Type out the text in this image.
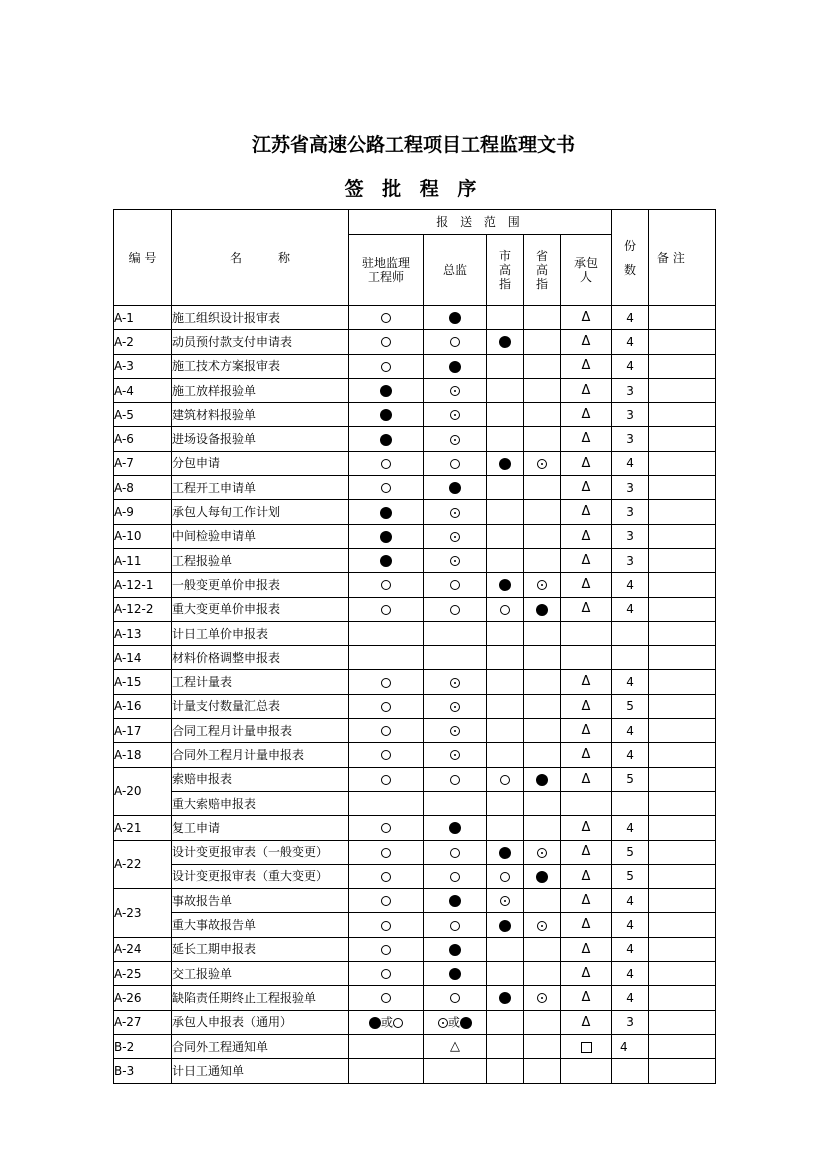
江苏省高速公路工程项目工程监理文书
签 批 程 序
编 号	名　　　称	报 送 范 围					份数	备 注

		驻地监理工程师	总监	市高指	省高指	承包人		

A-1	施工组织设计报审表					Δ	4	
A-2	动员预付款支付申请表					Δ	4	
A-3	施工技术方案报审表					Δ	4	
A-4	施工放样报验单					Δ	3	
A-5	建筑材料报验单					Δ	3	
A-6	进场设备报验单					Δ	3	
A-7	分包申请					Δ	4	
A-8	工程开工申请单					Δ	3	
A-9	承包人每旬工作计划					Δ	3	
A-10	中间检验申请单					Δ	3	
A-11	工程报验单					Δ	3	
A-12-1	一般变更单价申报表					Δ	4	
A-12-2	重大变更单价申报表					Δ	4	
A-13	计日工单价申报表							
A-14	材料价格调整申报表							
A-15	工程计量表					Δ	4	
A-16	计量支付数量汇总表					Δ	5	
A-17	合同工程月计量申报表					Δ	4	
A-18	合同外工程月计量申报表					Δ	4	
A-20	索赔申报表					Δ	5	
	重大索赔申报表							
A-21	复工申请					Δ	4	
A-22	设计变更报审表（一般变更）					Δ	5	
	设计变更报审表（重大变更）					Δ	5	
A-23	事故报告单					Δ	4	
	重大事故报告单					Δ	4	
A-24	延长工期申报表					Δ	4	
A-25	交工报验单					Δ	4	
A-26	缺陷责任期终止工程报验单					Δ	4	
A-27	承包人申报表（通用）	或	或			Δ	3	
B-2	合同外工程通知单		△				4	
B-3	计日工通知单							
